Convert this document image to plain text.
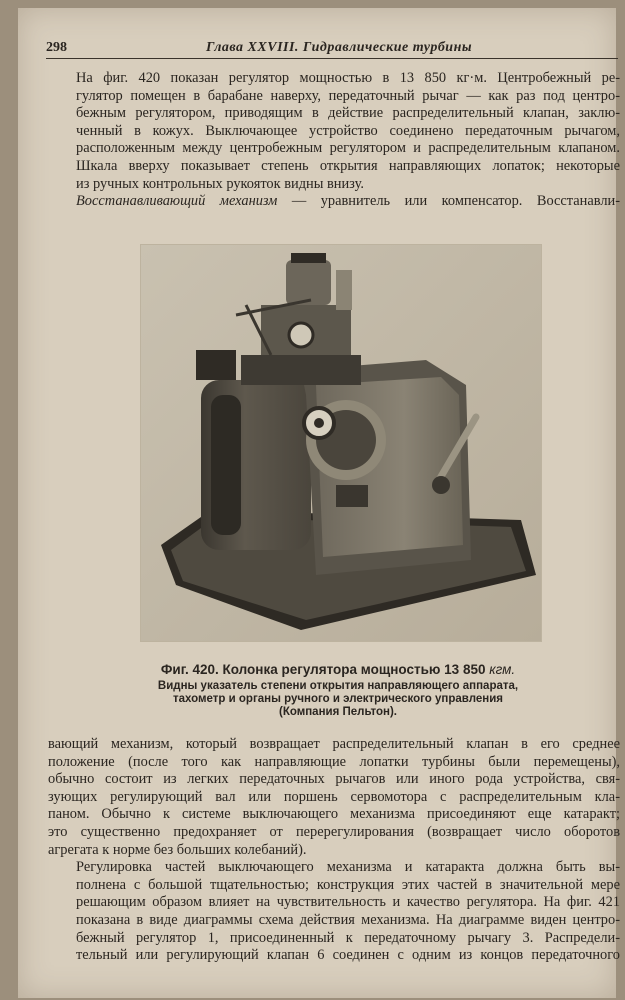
298	Глава XXVIII. Гидравлические турбины

На фиг. 420 показан регулятор мощностью в 13 850 кг·м. Центробежный ре-
гулятор помещен в барабане наверху, передаточный рычаг — как раз под центро-
бежным регулятором, приводящим в действие распределительный клапан, заклю-
ченный в кожух. Выключающее устройство соединено передаточным рычагом,
расположенным между центробежным регулятором и распределительным клапаном.
Шкала вверху показывает степень открытия направляющих лопаток; некоторые
из ручных контрольных рукояток видны внизу.

Восстанавливающий механизм — уравнитель или компенсатор. Восстанавли-

Фиг. 420. Колонка регулятора мощностью 13 850 кгм.
Видны указатель степени открытия направляющего аппарата,
тахометр и органы ручного и электрического управления
(Компания Пельтон).

вающий механизм, который возвращает распределительный клапан в его среднее
положение (после того как направляющие лопатки турбины были перемещены),
обычно состоит из легких передаточных рычагов или иного рода устройства, свя-
зующих регулирующий вал или поршень сервомотора с распределительным кла-
паном. Обычно к системе выключающего механизма присоединяют еще катаракт;
это существенно предохраняет от перерегулирования (возвращает число оборотов
агрегата к норме без больших колебаний).

Регулировка частей выключающего механизма и катаракта должна быть вы-
полнена с большой тщательностью; конструкция этих частей в значительной мере
решающим образом влияет на чувствительность и качество регулятора. На фиг. 421
показана в виде диаграммы схема действия механизма. На диаграмме виден центро-
бежный регулятор 1, присоединенный к передаточному рычагу 3. Распредели-
тельный или регулирующий клапан 6 соединен с одним из концов передаточного
